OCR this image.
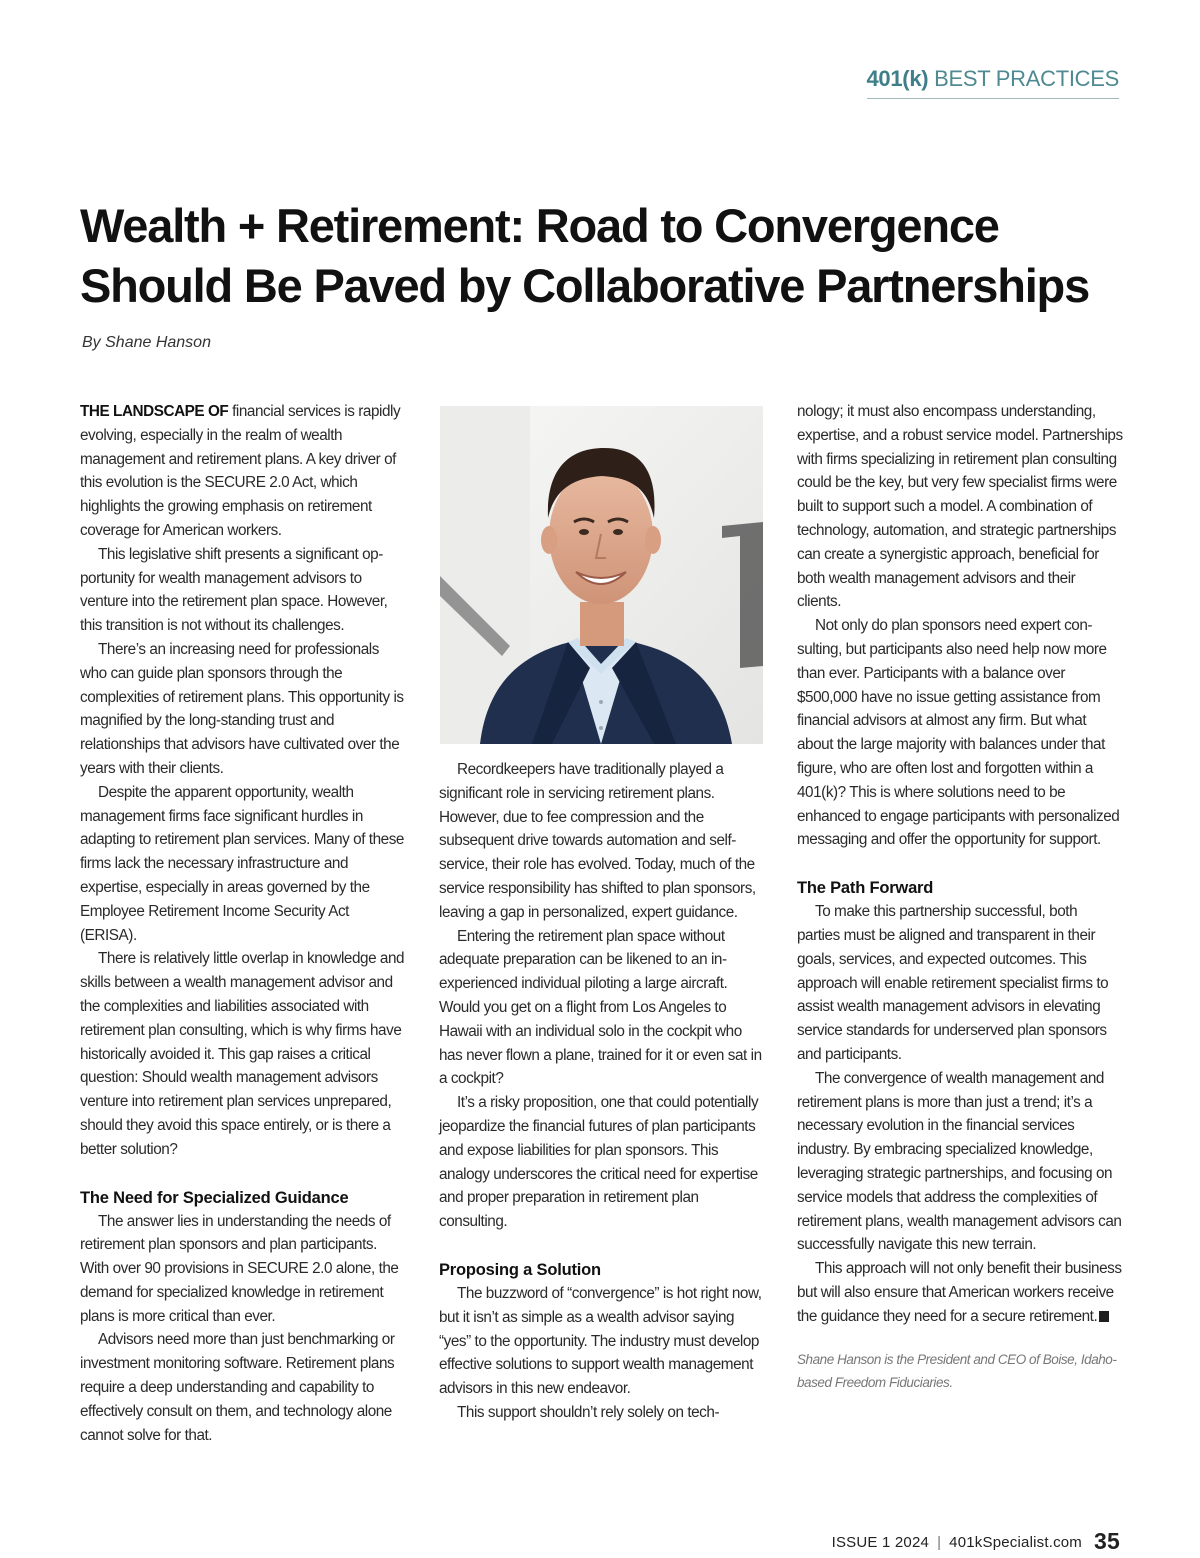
401(k) BEST PRACTICES
Wealth + Retirement: Road to Convergence Should Be Paved by Collaborative Partnerships
By Shane Hanson

THE LANDSCAPE OF financial services is rapidly evolving, especially in the realm of wealth management and retirement plans. A key driver of this evolution is the SECURE 2.0 Act, which highlights the growing emphasis on retirement coverage for American workers.

This legislative shift presents a significant opportunity for wealth management advisors to venture into the retirement plan space. However, this transition is not without its challenges.

There’s an increasing need for professionals who can guide plan sponsors through the complexities of retirement plans. This opportunity is magnified by the long-standing trust and relationships that advisors have cultivated over the years with their clients.

Despite the apparent opportunity, wealth management firms face significant hurdles in adapting to retirement plan services. Many of these firms lack the necessary infrastructure and expertise, especially in areas governed by the Employee Retirement Income Security Act (ERISA).

There is relatively little overlap in knowledge and skills between a wealth management advisor and the complexities and liabilities associated with retirement plan consulting, which is why firms have historically avoided it. This gap raises a critical question: Should wealth management advisors venture into retirement plan services unprepared, should they avoid this space entirely, or is there a better solution?

The Need for Specialized Guidance

The answer lies in understanding the needs of retirement plan sponsors and plan participants. With over 90 provisions in SECURE 2.0 alone, the demand for specialized knowledge in retirement plans is more critical than ever.

Advisors need more than just benchmarking or investment monitoring software. Retirement plans require a deep understanding and capability to effectively consult on them, and technology alone cannot solve for that.

Recordkeepers have traditionally played a significant role in servicing retirement plans. However, due to fee compression and the subsequent drive towards automation and self-service, their role has evolved. Today, much of the service responsibility has shifted to plan sponsors, leaving a gap in personalized, expert guidance.

Entering the retirement plan space without adequate preparation can be likened to an inexperienced individual piloting a large aircraft. Would you get on a flight from Los Angeles to Hawaii with an individual solo in the cockpit who has never flown a plane, trained for it or even sat in a cockpit?

It’s a risky proposition, one that could potentially jeopardize the financial futures of plan participants and expose liabilities for plan sponsors. This analogy underscores the critical need for expertise and proper preparation in retirement plan consulting.

Proposing a Solution

The buzzword of “convergence” is hot right now, but it isn’t as simple as a wealth advisor saying “yes” to the opportunity. The industry must develop effective solutions to support wealth management advisors in this new endeavor.

This support shouldn’t rely solely on tech-

nology; it must also encompass understanding, expertise, and a robust service model. Partnerships with firms specializing in retirement plan consulting could be the key, but very few specialist firms were built to support such a model. A combination of technology, automation, and strategic partnerships can create a synergistic approach, beneficial for both wealth management advisors and their clients.

Not only do plan sponsors need expert consulting, but participants also need help now more than ever. Participants with a balance over $500,000 have no issue getting assistance from financial advisors at almost any firm. But what about the large majority with balances under that figure, who are often lost and forgotten within a 401(k)? This is where solutions need to be enhanced to engage participants with personalized messaging and offer the opportunity for support.

The Path Forward

To make this partnership successful, both parties must be aligned and transparent in their goals, services, and expected outcomes. This approach will enable retirement specialist firms to assist wealth management advisors in elevating service standards for underserved plan sponsors and participants.

The convergence of wealth management and retirement plans is more than just a trend; it’s a necessary evolution in the financial services industry. By embracing specialized knowledge, leveraging strategic partnerships, and focusing on service models that address the complexities of retirement plans, wealth management advisors can successfully navigate this new terrain.

This approach will not only benefit their business but will also ensure that American workers receive the guidance they need for a secure retirement.

Shane Hanson is the President and CEO of Boise, Idaho-based Freedom Fiduciaries.

ISSUE 1 2024 | 401kSpecialist.com 35
